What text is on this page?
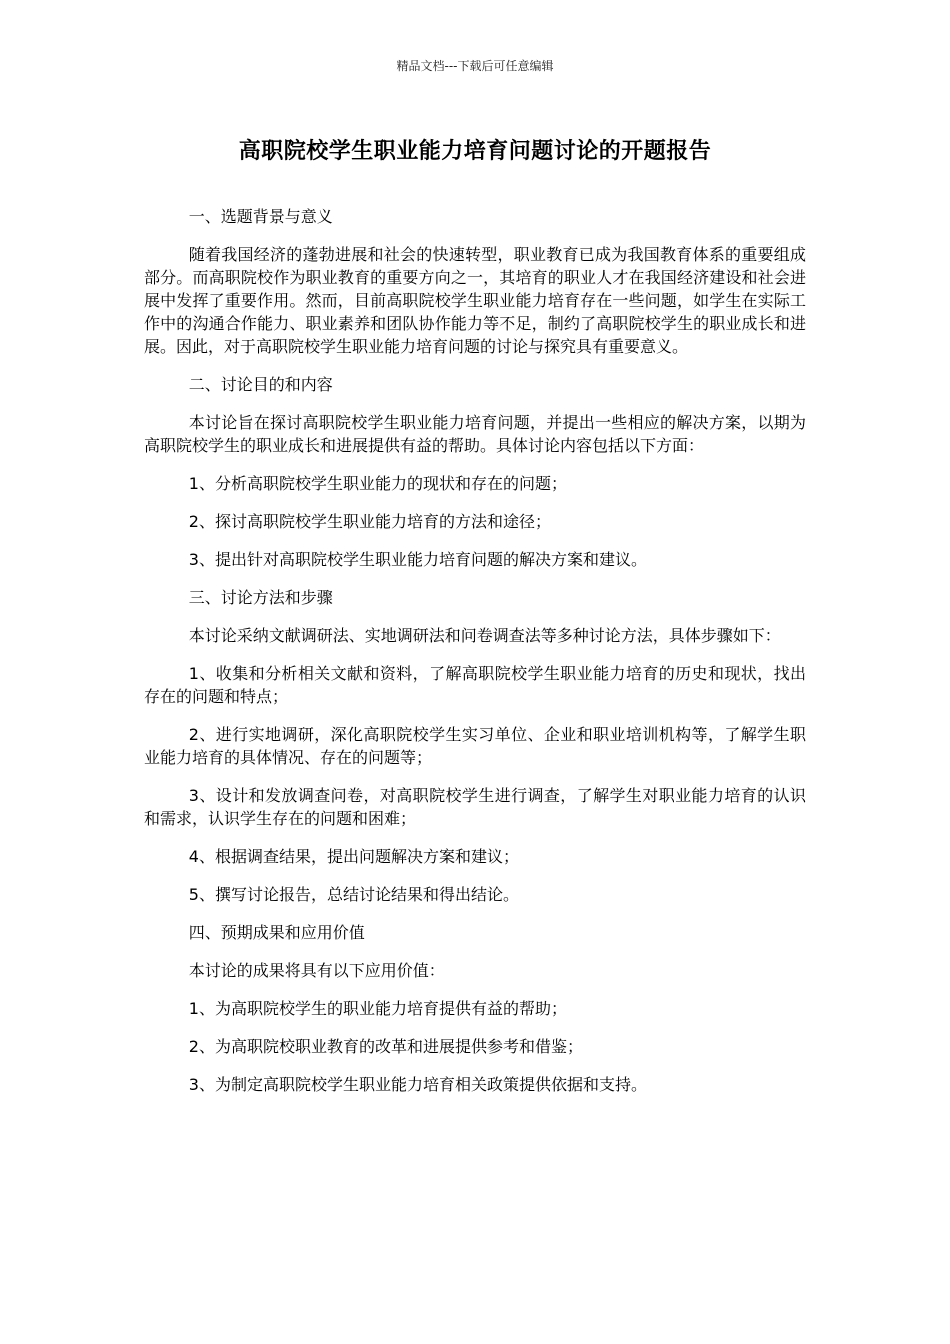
精品文档---下载后可任意编辑
高职院校学生职业能力培育问题讨论的开题报告

一、选题背景与意义

随着我国经济的蓬勃进展和社会的快速转型，职业教育已成为我国教育体系的重要组成部分。而高职院校作为职业教育的重要方向之一，其培育的职业人才在我国经济建设和社会进展中发挥了重要作用。然而，目前高职院校学生职业能力培育存在一些问题，如学生在实际工作中的沟通合作能力、职业素养和团队协作能力等不足，制约了高职院校学生的职业成长和进展。因此，对于高职院校学生职业能力培育问题的讨论与探究具有重要意义。

二、讨论目的和内容

本讨论旨在探讨高职院校学生职业能力培育问题，并提出一些相应的解决方案，以期为高职院校学生的职业成长和进展提供有益的帮助。具体讨论内容包括以下方面：

1、分析高职院校学生职业能力的现状和存在的问题；

2、探讨高职院校学生职业能力培育的方法和途径；

3、提出针对高职院校学生职业能力培育问题的解决方案和建议。

三、讨论方法和步骤

本讨论采纳文献调研法、实地调研法和问卷调查法等多种讨论方法，具体步骤如下：

1、收集和分析相关文献和资料，了解高职院校学生职业能力培育的历史和现状，找出存在的问题和特点；

2、进行实地调研，深化高职院校学生实习单位、企业和职业培训机构等，了解学生职业能力培育的具体情况、存在的问题等；

3、设计和发放调查问卷，对高职院校学生进行调查，了解学生对职业能力培育的认识和需求，认识学生存在的问题和困难；

4、根据调查结果，提出问题解决方案和建议；

5、撰写讨论报告，总结讨论结果和得出结论。

四、预期成果和应用价值

本讨论的成果将具有以下应用价值：

1、为高职院校学生的职业能力培育提供有益的帮助；

2、为高职院校职业教育的改革和进展提供参考和借鉴；

3、为制定高职院校学生职业能力培育相关政策提供依据和支持。
